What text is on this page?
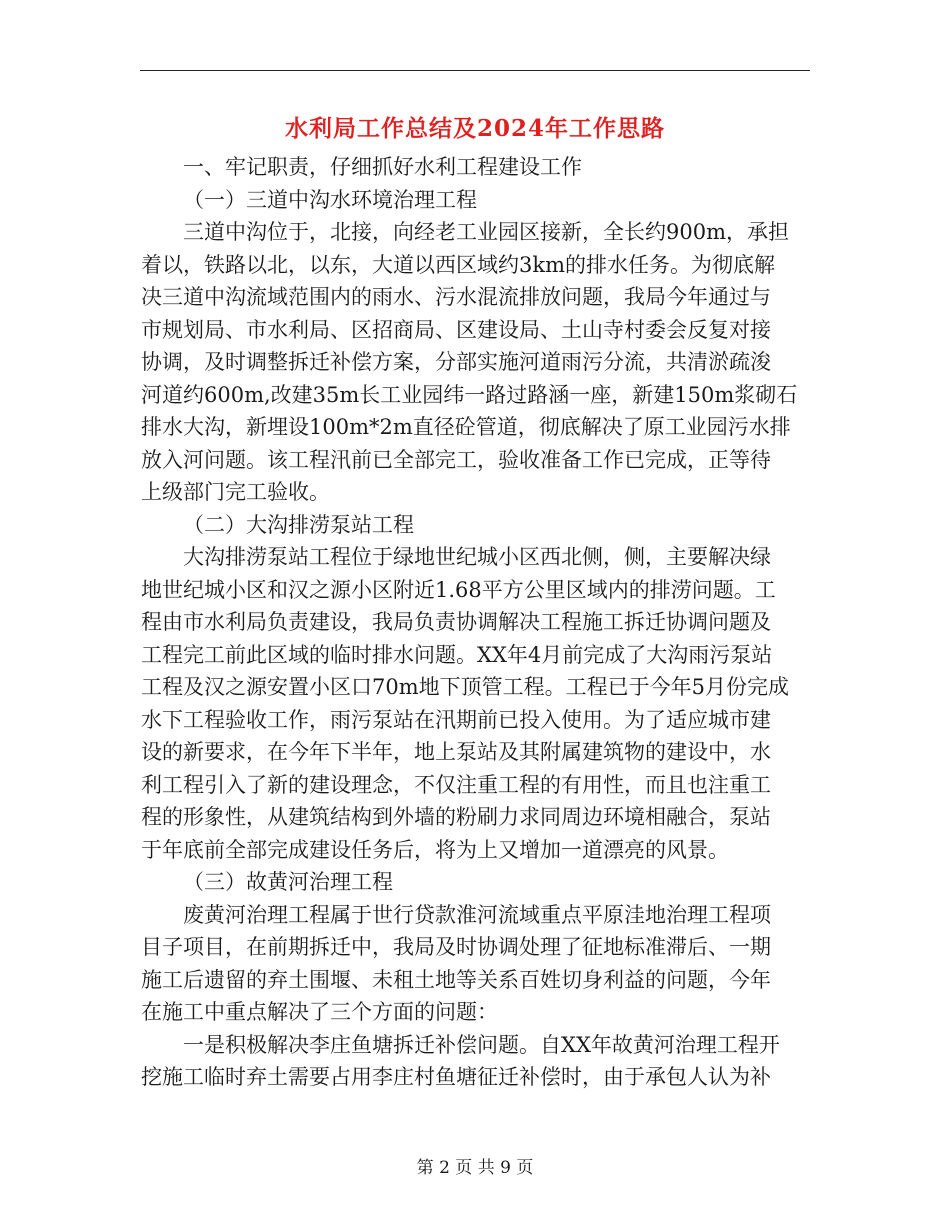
水利局工作总结及2024年工作思路
一、牢记职责，仔细抓好水利工程建设工作
（一）三道中沟水环境治理工程
三道中沟位于，北接，向经老工业园区接新，全长约900m，承担
着以，铁路以北，以东，大道以西区域约3km的排水任务。为彻底解
决三道中沟流域范围内的雨水、污水混流排放问题，我局今年通过与
市规划局、市水利局、区招商局、区建设局、土山寺村委会反复对接
协调，及时调整拆迁补偿方案，分部实施河道雨污分流，共清淤疏浚
河道约600m,改建35m长工业园纬一路过路涵一座，新建150m浆砌石
排水大沟，新埋设100m*2m直径砼管道，彻底解决了原工业园污水排
放入河问题。该工程汛前已全部完工，验收准备工作已完成，正等待
上级部门完工验收。
（二）大沟排涝泵站工程
大沟排涝泵站工程位于绿地世纪城小区西北侧，侧，主要解决绿
地世纪城小区和汉之源小区附近1.68平方公里区域内的排涝问题。工
程由市水利局负责建设，我局负责协调解决工程施工拆迁协调问题及
工程完工前此区域的临时排水问题。XX年4月前完成了大沟雨污泵站
工程及汉之源安置小区口70m地下顶管工程。工程已于今年5月份完成
水下工程验收工作，雨污泵站在汛期前已投入使用。为了适应城市建
设的新要求，在今年下半年，地上泵站及其附属建筑物的建设中，水
利工程引入了新的建设理念，不仅注重工程的有用性，而且也注重工
程的形象性，从建筑结构到外墙的粉刷力求同周边环境相融合，泵站
于年底前全部完成建设任务后，将为上又增加一道漂亮的风景。
（三）故黄河治理工程
废黄河治理工程属于世行贷款淮河流域重点平原洼地治理工程项
目子项目，在前期拆迁中，我局及时协调处理了征地标准滞后、一期
施工后遗留的弃土围堰、未租土地等关系百姓切身利益的问题，今年
在施工中重点解决了三个方面的问题：
一是积极解决李庄鱼塘拆迁补偿问题。自XX年故黄河治理工程开
挖施工临时弃土需要占用李庄村鱼塘征迁补偿时，由于承包人认为补
第 2 页 共 9 页
